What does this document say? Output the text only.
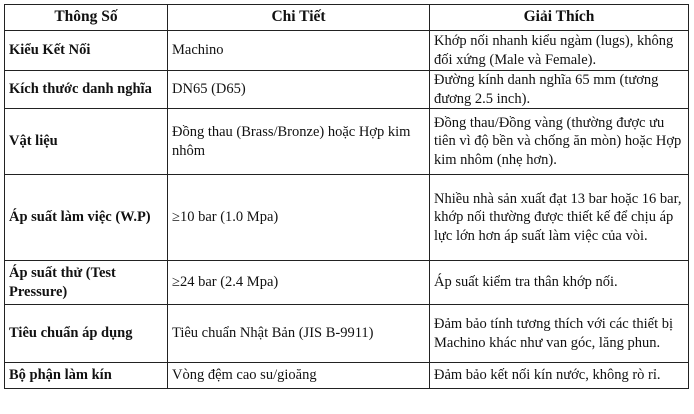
Thông Số	Chi Tiết	Giải Thích
Kiểu Kết Nối	Machino	Khớp nối nhanh kiểu ngàm (lugs), không đối xứng (Male và Female).
Kích thước danh nghĩa	DN65 (D65)	Đường kính danh nghĩa 65 mm (tương đương 2.5 inch).
Vật liệu	Đồng thau (Brass/Bronze) hoặc Hợp kim nhôm	Đồng thau/Đồng vàng (thường được ưu tiên vì độ bền và chống ăn mòn) hoặc Hợp kim nhôm (nhẹ hơn).
Áp suất làm việc (W.P)	≥10 bar (1.0 Mpa)	Nhiều nhà sản xuất đạt 13 bar hoặc 16 bar, khớp nối thường được thiết kế để chịu áp lực lớn hơn áp suất làm việc của vòi.
Áp suất thử (Test Pressure)	≥24 bar (2.4 Mpa)	Áp suất kiểm tra thân khớp nối.
Tiêu chuẩn áp dụng	Tiêu chuẩn Nhật Bản (JIS B-9911)	Đảm bảo tính tương thích với các thiết bị Machino khác như van góc, lăng phun.
Bộ phận làm kín	Vòng đệm cao su/gioăng	Đảm bảo kết nối kín nước, không rò rỉ.
